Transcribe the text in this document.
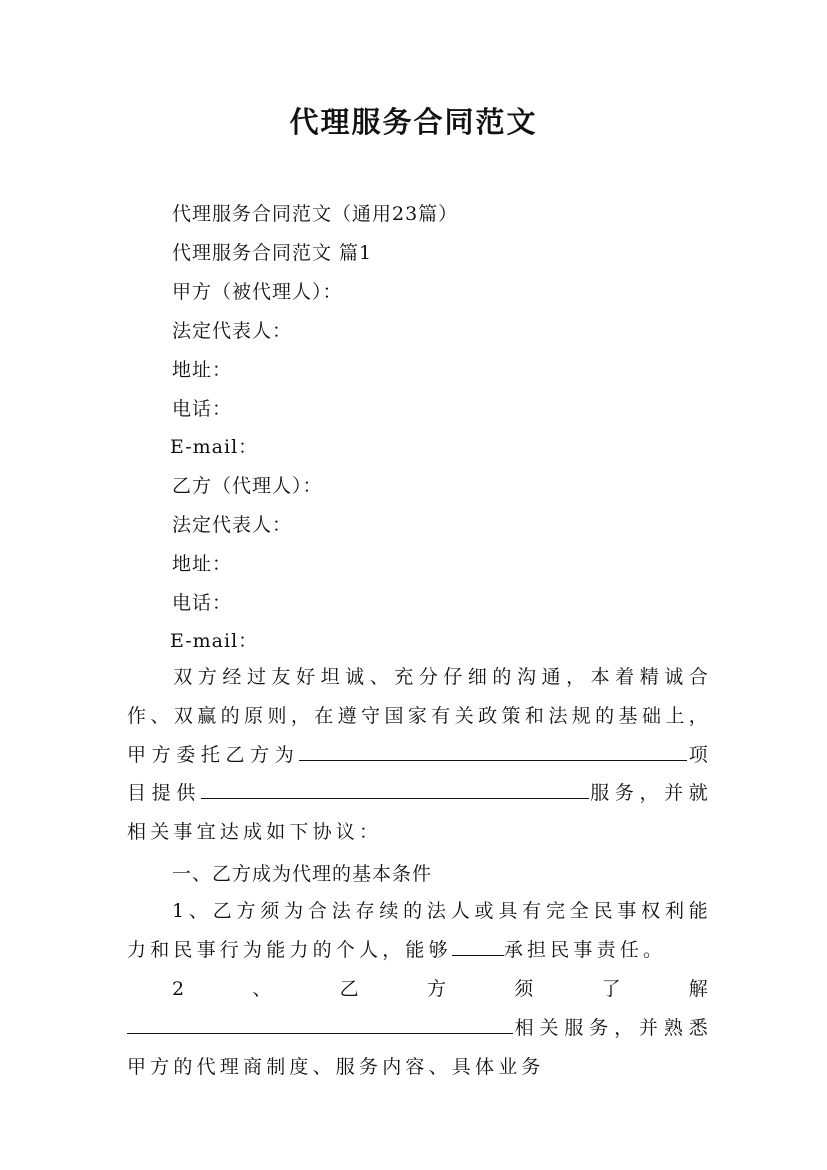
代理服务合同范文
代理服务合同范文（通用23篇）
代理服务合同范文 篇1
甲方（被代理人）：
法定代表人：
地址：
电话：
E-mail：
乙方（代理人）：
法定代表人：
地址：
电话：
E-mail：
双方经过友好坦诚、充分仔细的沟通，本着精诚合作、双赢的原则，在遵守国家有关政策和法规的基础上，甲方委托乙方为	项目提供	服务，并就相关事宜达成如下协议：
一、乙方成为代理的基本条件
1、乙方须为合法存续的法人或具有完全民事权利能力和民事行为能力的个人，能够	承担民事责任。
2、乙方须了解相关服务，并熟悉甲方的代理商制度、服务内容、具体业务
